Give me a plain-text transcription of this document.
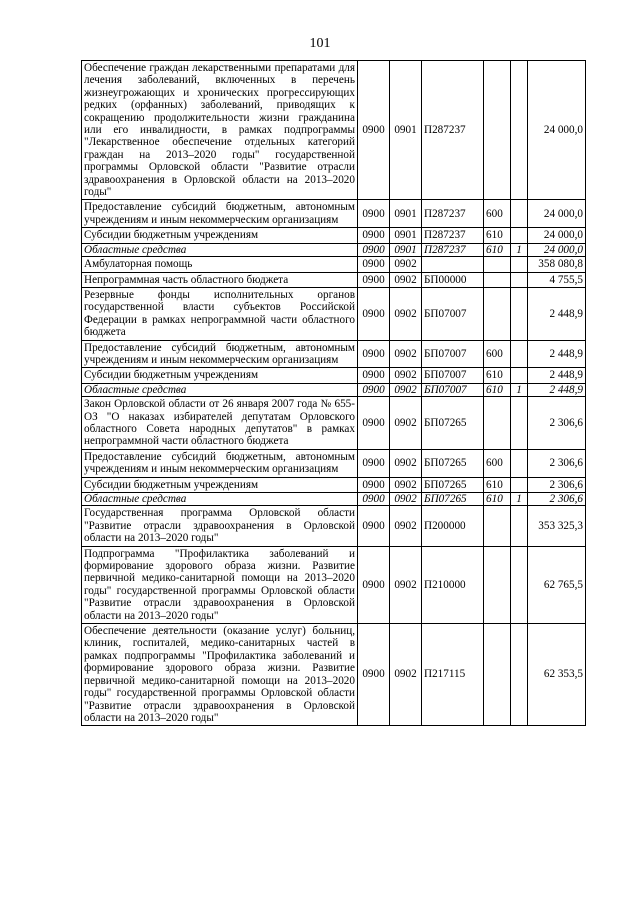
101
Обеспечение граждан лекарственными препаратами для лечения заболеваний, включенных в перечень жизнеугрожающих и хронических прогрессирующих редких (орфанных) заболеваний, приводящих к сокращению продолжительности жизни гражданина или его инвалидности, в рамках подпрограммы "Лекарственное обеспечение отдельных категорий граждан на 2013–2020 годы" государственной программы Орловской области "Развитие отрасли здравоохранения в Орловской области на 2013–2020 годы"	0900	0901	П287237			24 000,0
Предоставление субсидий бюджетным, автономным учреждениям и иным некоммерческим организациям	0900	0901	П287237	600		24 000,0
Субсидии бюджетным учреждениям	0900	0901	П287237	610		24 000,0
Областные средства	0900	0901	П287237	610	1	24 000,0
Амбулаторная помощь	0900	0902				358 080,8
Непрограммная часть областного бюджета	0900	0902	БП00000			4 755,5
Резервные фонды исполнительных органов государственной власти субъектов Российской Федерации в рамках непрограммной части областного бюджета	0900	0902	БП07007			2 448,9
Предоставление субсидий бюджетным, автономным учреждениям и иным некоммерческим организациям	0900	0902	БП07007	600		2 448,9
Субсидии бюджетным учреждениям	0900	0902	БП07007	610		2 448,9
Областные средства	0900	0902	БП07007	610	1	2 448,9
Закон Орловской области от 26 января 2007 года № 655-ОЗ "О наказах избирателей депутатам Орловского областного Совета народных депутатов" в рамках непрограммной части областного бюджета	0900	0902	БП07265			2 306,6
Предоставление субсидий бюджетным, автономным учреждениям и иным некоммерческим организациям	0900	0902	БП07265	600		2 306,6
Субсидии бюджетным учреждениям	0900	0902	БП07265	610		2 306,6
Областные средства	0900	0902	БП07265	610	1	2 306,6
Государственная программа Орловской области "Развитие отрасли здравоохранения в Орловской области на 2013–2020 годы"	0900	0902	П200000			353 325,3
Подпрограмма "Профилактика заболеваний и формирование здорового образа жизни. Развитие первичной медико-санитарной помощи на 2013–2020 годы" государственной программы Орловской области "Развитие отрасли здравоохранения в Орловской области на 2013–2020 годы"	0900	0902	П210000			62 765,5
Обеспечение деятельности (оказание услуг) больниц, клиник, госпиталей, медико-санитарных частей в рамках подпрограммы "Профилактика заболеваний и формирование здорового образа жизни. Развитие первичной медико-санитарной помощи на 2013–2020 годы" государственной программы Орловской области "Развитие отрасли здравоохранения в Орловской области на 2013–2020 годы"	0900	0902	П217115			62 353,5
